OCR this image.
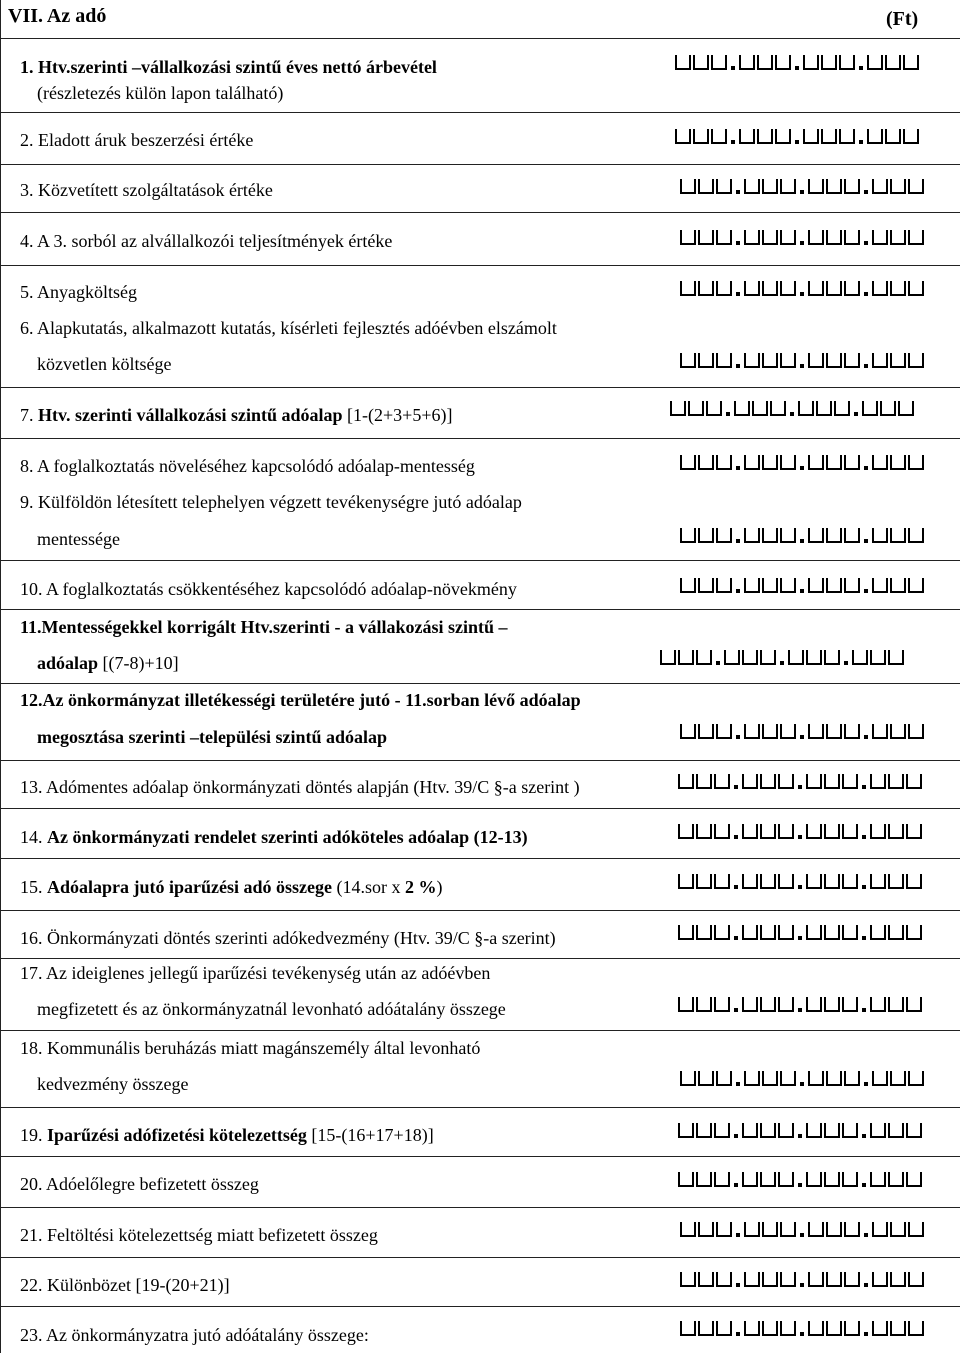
VII. Az adó	(Ft)
1. Htv.szerinti –vállalkozási szintű éves nettó árbevétel
(részletezés külön lapon található)
2. Eladott áruk beszerzési értéke
3. Közvetített szolgáltatások értéke
4. A 3. sorból az alvállalkozói teljesítmények értéke
5. Anyagköltség
6. Alapkutatás, alkalmazott kutatás, kísérleti fejlesztés adóévben elszámolt
közvetlen költsége
7. Htv. szerinti vállalkozási szintű adóalap [1-(2+3+5+6)]
8. A foglalkoztatás növeléséhez kapcsolódó adóalap-mentesség
9. Külföldön létesített telephelyen végzett tevékenységre jutó adóalap
mentessége
10. A foglalkoztatás csökkentéséhez kapcsolódó adóalap-növekmény
11.Mentességekkel korrigált Htv.szerinti - a vállakozási szintű –
adóalap [(7-8)+10]
12.Az önkormányzat illetékességi területére jutó - 11.sorban lévő adóalap
megosztása szerinti –települési szintű adóalap
13. Adómentes adóalap önkormányzati döntés alapján (Htv. 39/C §-a szerint )
14. Az önkormányzati rendelet szerinti adóköteles adóalap (12-13)
15. Adóalapra jutó iparűzési adó összege (14.sor x 2 %)
16. Önkormányzati döntés szerinti adókedvezmény (Htv. 39/C §-a szerint)
17. Az ideiglenes jellegű iparűzési tevékenység után az adóévben
megfizetett és az önkormányzatnál levonható adóátalány összege
18. Kommunális beruházás miatt magánszemély által levonható
kedvezmény összege
19. Iparűzési adófizetési kötelezettség [15-(16+17+18)]
20. Adóelőlegre befizetett összeg
21. Feltöltési kötelezettség miatt befizetett összeg
22. Különbözet [19-(20+21)]
23. Az önkormányzatra jutó adóátalány összege:
